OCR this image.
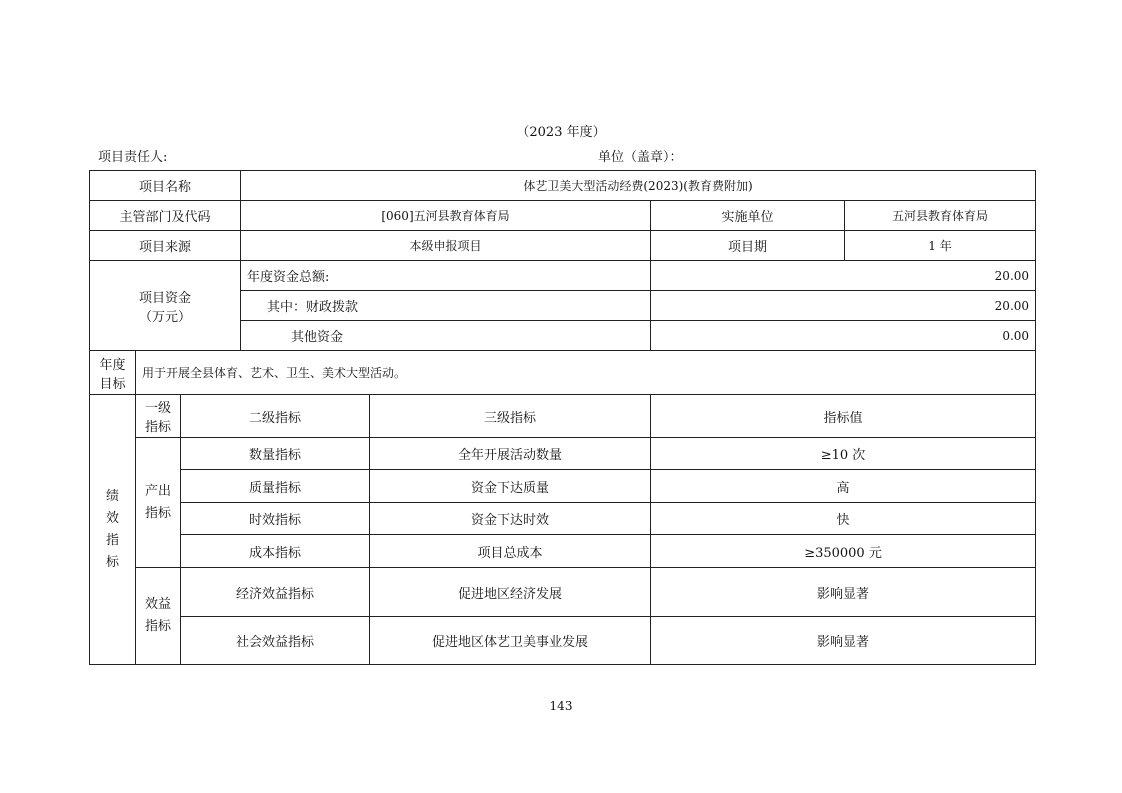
（2023 年度）
项目责任人:	单位（盖章）：
项目名称			体艺卫美大型活动经费(2023)(教育费附加)			
主管部门及代码			[060]五河县教育体育局		实施单位	五河县教育体育局
项目来源			本级申报项目		项目期	1 年

项目资金
（万元）			年度资金总额:		20.00	
			其中：财政拨款		20.00	
			其他资金		0.00	

年度
目标	用于开展全县体育、艺术、卫生、美术大型活动。					

绩
效
指
标	一级
指标	二级指标		三级指标	指标值	

	产出
指标	数量指标		全年开展活动数量	≥10 次	
		质量指标		资金下达质量	高	
		时效指标		资金下达时效	快	
		成本指标		项目总成本	≥350000 元	

	效益
指标	经济效益指标		促进地区经济发展	影响显著	
		社会效益指标		促进地区体艺卫美事业发展	影响显著	
143
